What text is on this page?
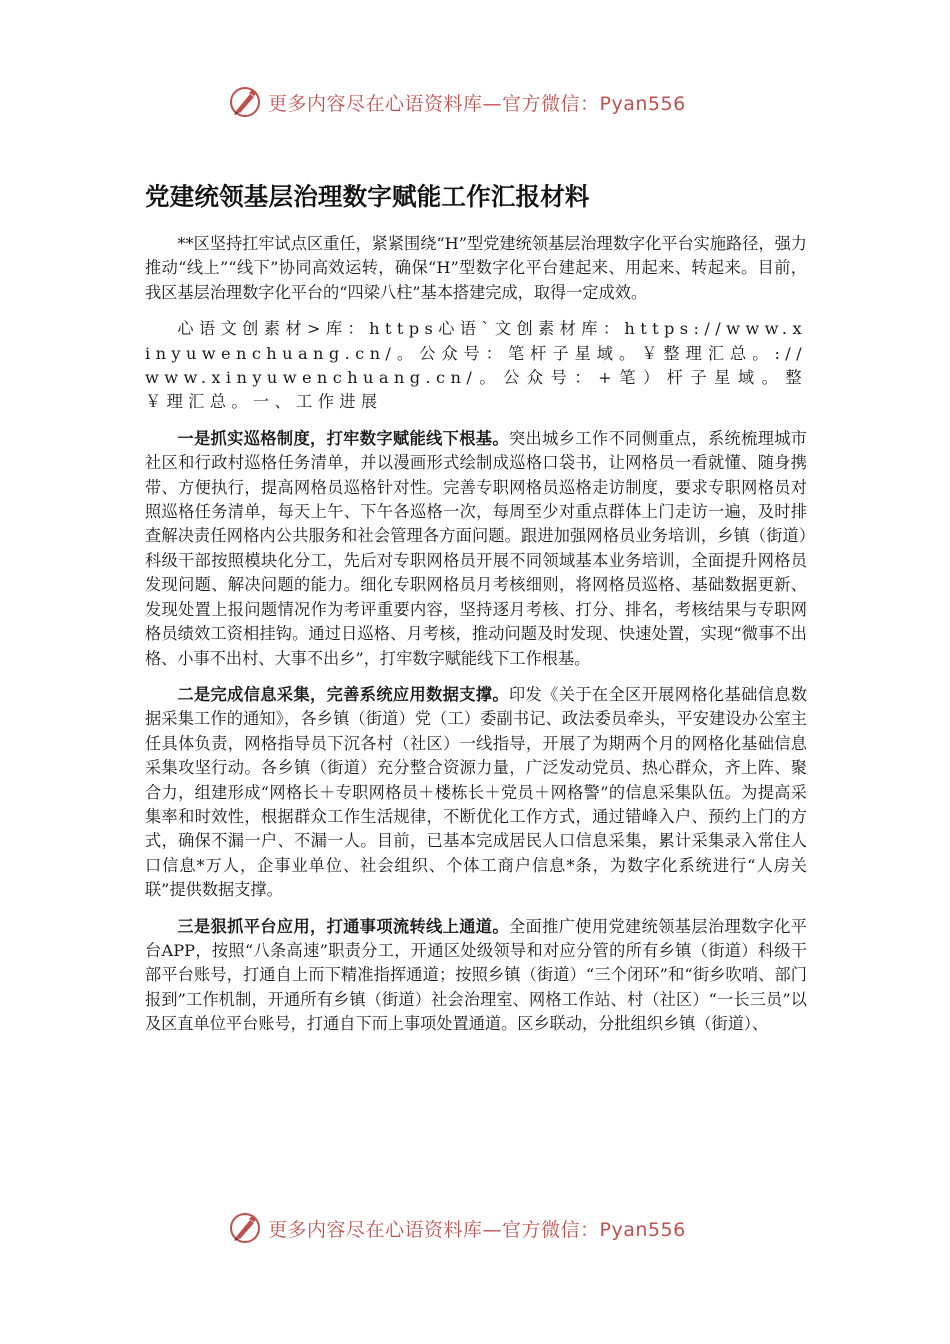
更多内容尽在心语资料库—官方微信：Pyan556
党建统领基层治理数字赋能工作汇报材料

**区坚持扛牢试点区重任，紧紧围绕“H”型党建统领基层治理数字化平台实施路径，强力推动“线上”“线下”协同高效运转，确保“H”型数字化平台建起来、用起来、转起来。目前，我区基层治理数字化平台的“四梁八柱”基本搭建完成，取得一定成效。

心语文创素材>库：https心语`文创素材库：https://www.xinyuwenchuang.cn/。公众号：笔杆子星域。￥整理汇总。://www.xinyuwenchuang.cn/。公众号：+笔）杆子星域。整￥理汇总。一、工作进展

一是抓实巡格制度，打牢数字赋能线下根基。突出城乡工作不同侧重点，系统梳理城市社区和行政村巡格任务清单，并以漫画形式绘制成巡格口袋书，让网格员一看就懂、随身携带、方便执行，提高网格员巡格针对性。完善专职网格员巡格走访制度，要求专职网格员对照巡格任务清单，每天上午、下午各巡格一次，每周至少对重点群体上门走访一遍，及时排查解决责任网格内公共服务和社会管理各方面问题。跟进加强网格员业务培训，乡镇（街道）科级干部按照模块化分工，先后对专职网格员开展不同领域基本业务培训，全面提升网格员发现问题、解决问题的能力。细化专职网格员月考核细则，将网格员巡格、基础数据更新、发现处置上报问题情况作为考评重要内容，坚持逐月考核、打分、排名，考核结果与专职网格员绩效工资相挂钩。通过日巡格、月考核，推动问题及时发现、快速处置，实现“微事不出格、小事不出村、大事不出乡”，打牢数字赋能线下工作根基。

二是完成信息采集，完善系统应用数据支撑。印发《关于在全区开展网格化基础信息数据采集工作的通知》，各乡镇（街道）党（工）委副书记、政法委员牵头，平安建设办公室主任具体负责，网格指导员下沉各村（社区）一线指导，开展了为期两个月的网格化基础信息采集攻坚行动。各乡镇（街道）充分整合资源力量，广泛发动党员、热心群众，齐上阵、聚合力，组建形成“网格长＋专职网格员＋楼栋长＋党员＋网格警”的信息采集队伍。为提高采集率和时效性，根据群众工作生活规律，不断优化工作方式，通过错峰入户、预约上门的方式，确保不漏一户、不漏一人。目前，已基本完成居民人口信息采集，累计采集录入常住人口信息*万人，企事业单位、社会组织、个体工商户信息*条，为数字化系统进行“人房关联”提供数据支撑。

三是狠抓平台应用，打通事项流转线上通道。全面推广使用党建统领基层治理数字化平台APP，按照“八条高速”职责分工，开通区处级领导和对应分管的所有乡镇（街道）科级干部平台账号，打通自上而下精准指挥通道；按照乡镇（街道）“三个闭环”和“街乡吹哨、部门报到”工作机制，开通所有乡镇（街道）社会治理室、网格工作站、村（社区）“一长三员”以及区直单位平台账号，打通自下而上事项处置通道。区乡联动，分批组织乡镇（街道）、

更多内容尽在心语资料库—官方微信：Pyan556
